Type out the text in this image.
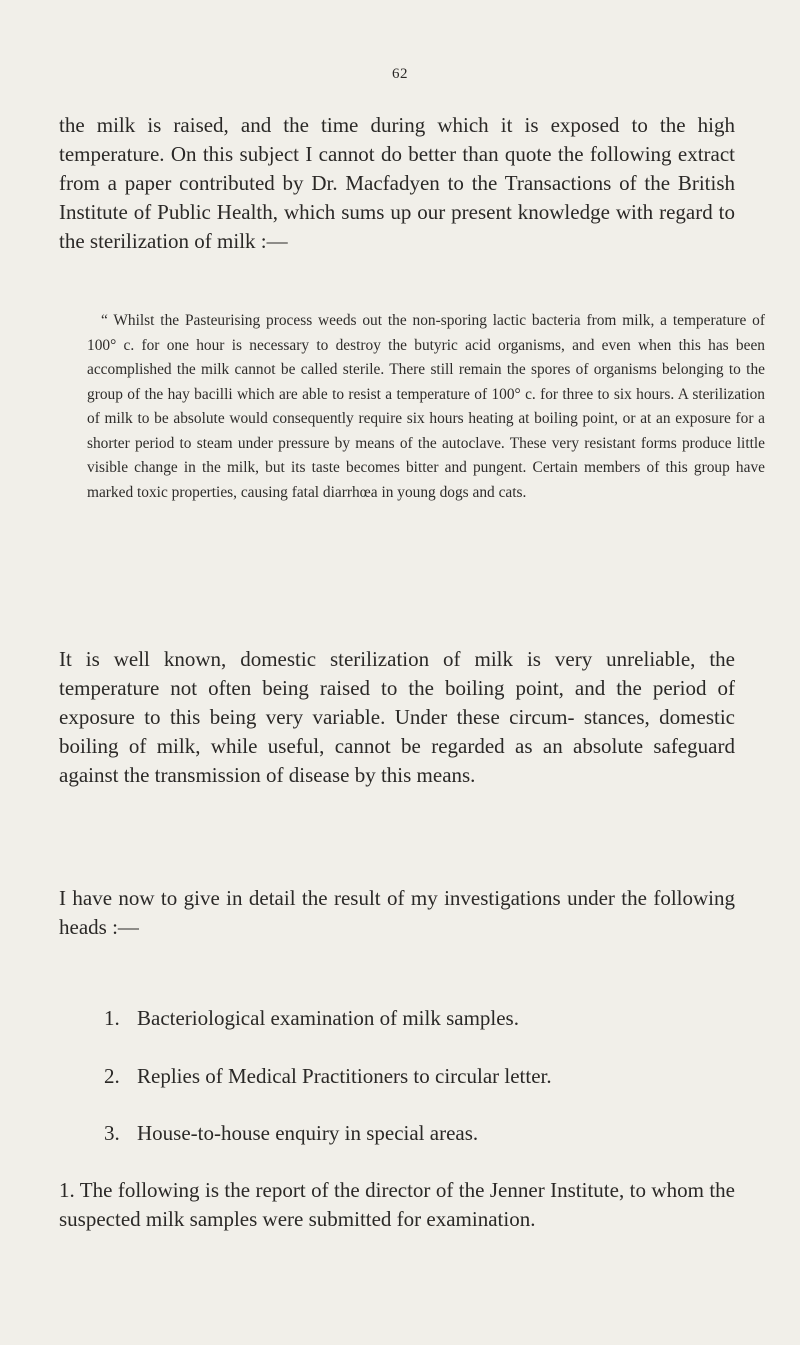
62

the milk is raised, and the time during which it is exposed to the high temperature. On this subject I cannot do better than quote the following extract from a paper contributed by Dr. Macfadyen to the Transactions of the British Institute of Public Health, which sums up our present knowledge with regard to the sterilization of milk :—

“ Whilst the Pasteurising process weeds out the non-sporing lactic bacteria from milk, a temperature of 100° c. for one hour is necessary to destroy the butyric acid organisms, and even when this has been accomplished the milk cannot be called sterile. There still remain the spores of organisms belonging to the group of the hay bacilli which are able to resist a temperature of 100° c. for three to six hours. A sterilization of milk to be absolute would consequently require six hours heating at boiling point, or at an exposure for a shorter period to steam under pressure by means of the autoclave. These very resistant forms produce little visible change in the milk, but its taste becomes bitter and pungent. Certain members of this group have marked toxic properties, causing fatal diarrhœa in young dogs and cats.

It is well known, domestic sterilization of milk is very unreliable, the temperature not often being raised to the boiling point, and the period of exposure to this being very variable. Under these circum- stances, domestic boiling of milk, while useful, cannot be regarded as an absolute safeguard against the transmission of disease by this means.

I have now to give in detail the result of my investigations under the following heads :—

1. Bacteriological examination of milk samples.
2. Replies of Medical Practitioners to circular letter.
3. House-to-house enquiry in special areas.

1. The following is the report of the director of the Jenner Institute, to whom the suspected milk samples were submitted for examination.
